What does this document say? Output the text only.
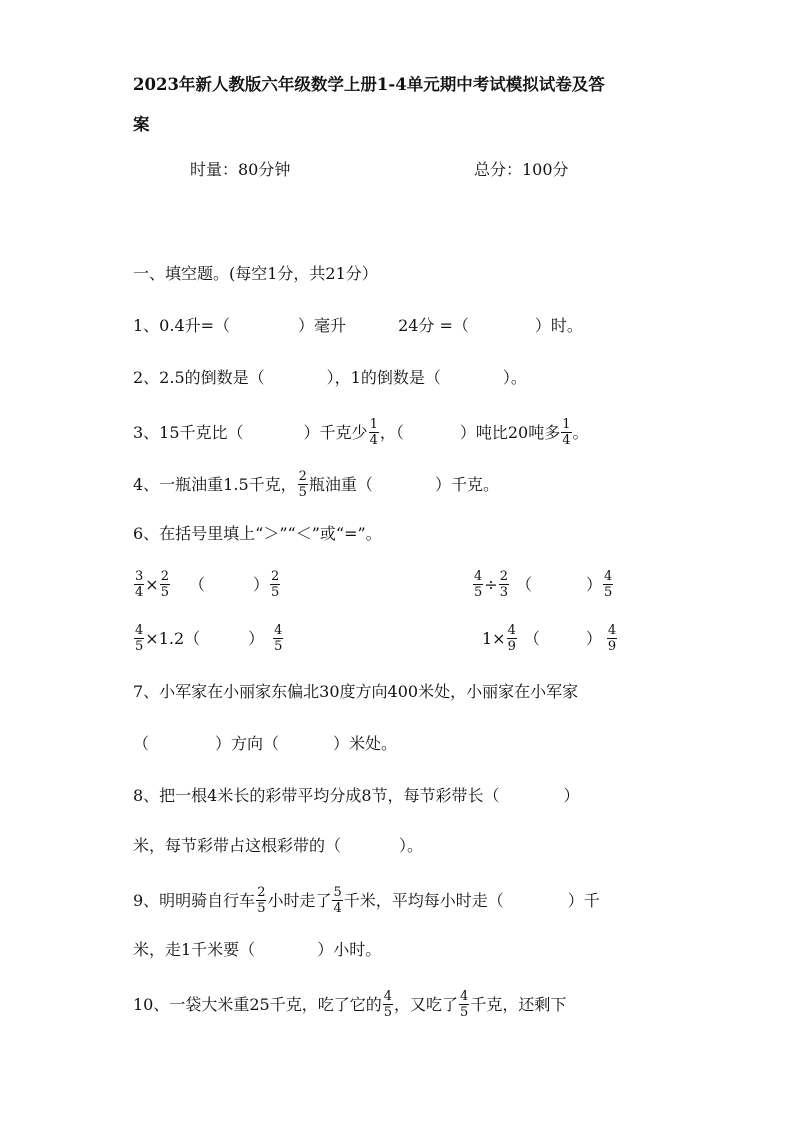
2023年新人教版六年级数学上册1-4单元期中考试模拟试卷及答
案
时量：80分钟	总分：100分
一、填空题。(每空1分，共21分）
1、0.4升=（	）毫升	24分 =（	）时。
2、2.5的倒数是（	），1的倒数是（	）。
3、15千克比（	）千克少 $\frac{1}{4}$ ，（	）吨比20吨多 $\frac{1}{4}$ 。
4、一瓶油重1.5千克， $\frac{2}{5}$ 瓶油重（	）千克。
6、在括号里填上“＞”“＜”或“=”。
$\frac{3}{4} \times \frac{2}{5}$ （	） $\frac{2}{5}$	$\frac{4}{5} \div \frac{2}{3}$ （	） $\frac{4}{5}$
$\frac{4}{5} \times 1.2$（	） $\frac{4}{5}$	$1\times \frac{4}{9}$ （	） $\frac{4}{9}$
7、小军家在小丽家东偏北30度方向400米处，小丽家在小军家
（	）方向（	）米处。
8、把一根4米长的彩带平均分成8节，每节彩带长（	）
米，每节彩带占这根彩带的（	）。
9、明明骑自行车 $\frac{2}{5}$ 小时走了 $\frac{5}{4}$ 千米，平均每小时走（	）千
米，走1千米要（	）小时。
10、一袋大米重25千克，吃了它的 $\frac{4}{5}$ ，又吃了 $\frac{4}{5}$ 千克，还剩下
